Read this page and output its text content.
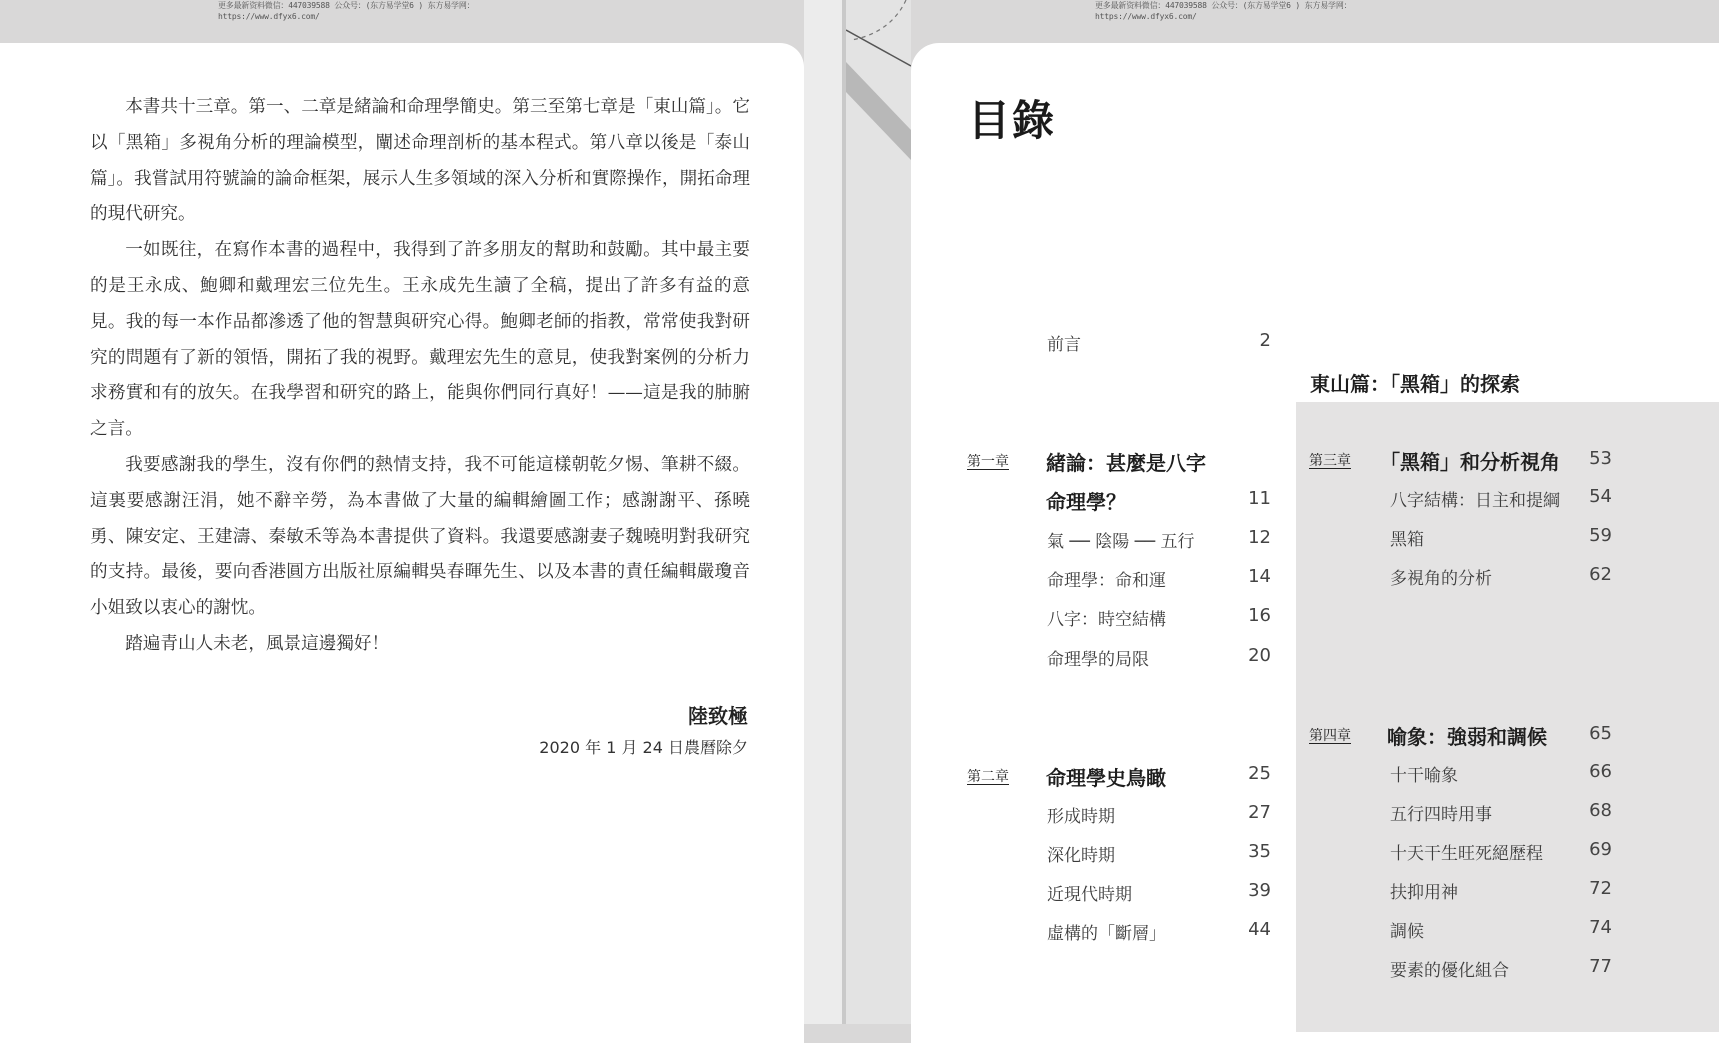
更多最新资料微信：447039588 公众号：(东方易学堂6 ) 东方易学网：
https://www.dfyx6.com/
更多最新资料微信：447039588 公众号：(东方易学堂6 ) 东方易学网：
https://www.dfyx6.com/

本書共十三章。第一、二章是緒論和命理學簡史。第三至第七章是「東山篇」。它以「黑箱」多視角分析的理論模型，闡述命理剖析的基本程式。第八章以後是「泰山篇」。我嘗試用符號論的論命框架，展示人生多領域的深入分析和實際操作，開拓命理的現代研究。

一如既往，在寫作本書的過程中，我得到了許多朋友的幫助和鼓勵。其中最主要的是王永成、鮑卿和戴理宏三位先生。王永成先生讀了全稿，提出了許多有益的意見。我的每一本作品都滲透了他的智慧與研究心得。鮑卿老師的指教，常常使我對研究的問題有了新的領悟，開拓了我的視野。戴理宏先生的意見，使我對案例的分析力求務實和有的放矢。在我學習和研究的路上，能與你們同行真好！——這是我的肺腑之言。

我要感謝我的學生，沒有你們的熱情支持，我不可能這樣朝乾夕惕、筆耕不綴。這裏要感謝汪涓，她不辭辛勞，為本書做了大量的編輯繪圖工作；感謝謝平、孫曉勇、陳安定、王建濤、秦敏禾等為本書提供了資料。我還要感謝妻子魏曉明對我研究的支持。最後，要向香港圓方出版社原編輯吳春暉先生、以及本書的責任編輯嚴瓊音小姐致以衷心的謝忱。

踏遍青山人未老，風景這邊獨好！

陸致極
2020 年 1 月 24 日農曆除夕
目錄
前言	2
東山篇：「黑箱」的探索
第一章 緒論：甚麼是八字
命理學？	11
氣 ── 陰陽 ── 五行	12
命理學：命和運	14
八字：時空結構	16
命理學的局限	20
第二章 命理學史鳥瞰	25
形成時期	27
深化時期	35
近現代時期	39
虛構的「斷層」	44
第三章 「黑箱」和分析視角	53
八字結構：日主和提綱	54
黑箱	59
多視角的分析	62
第四章 喻象：強弱和調候	65
十干喻象	66
五行四時用事	68
十天干生旺死絕歷程	69
扶抑用神	72
調候	74
要素的優化組合	77
